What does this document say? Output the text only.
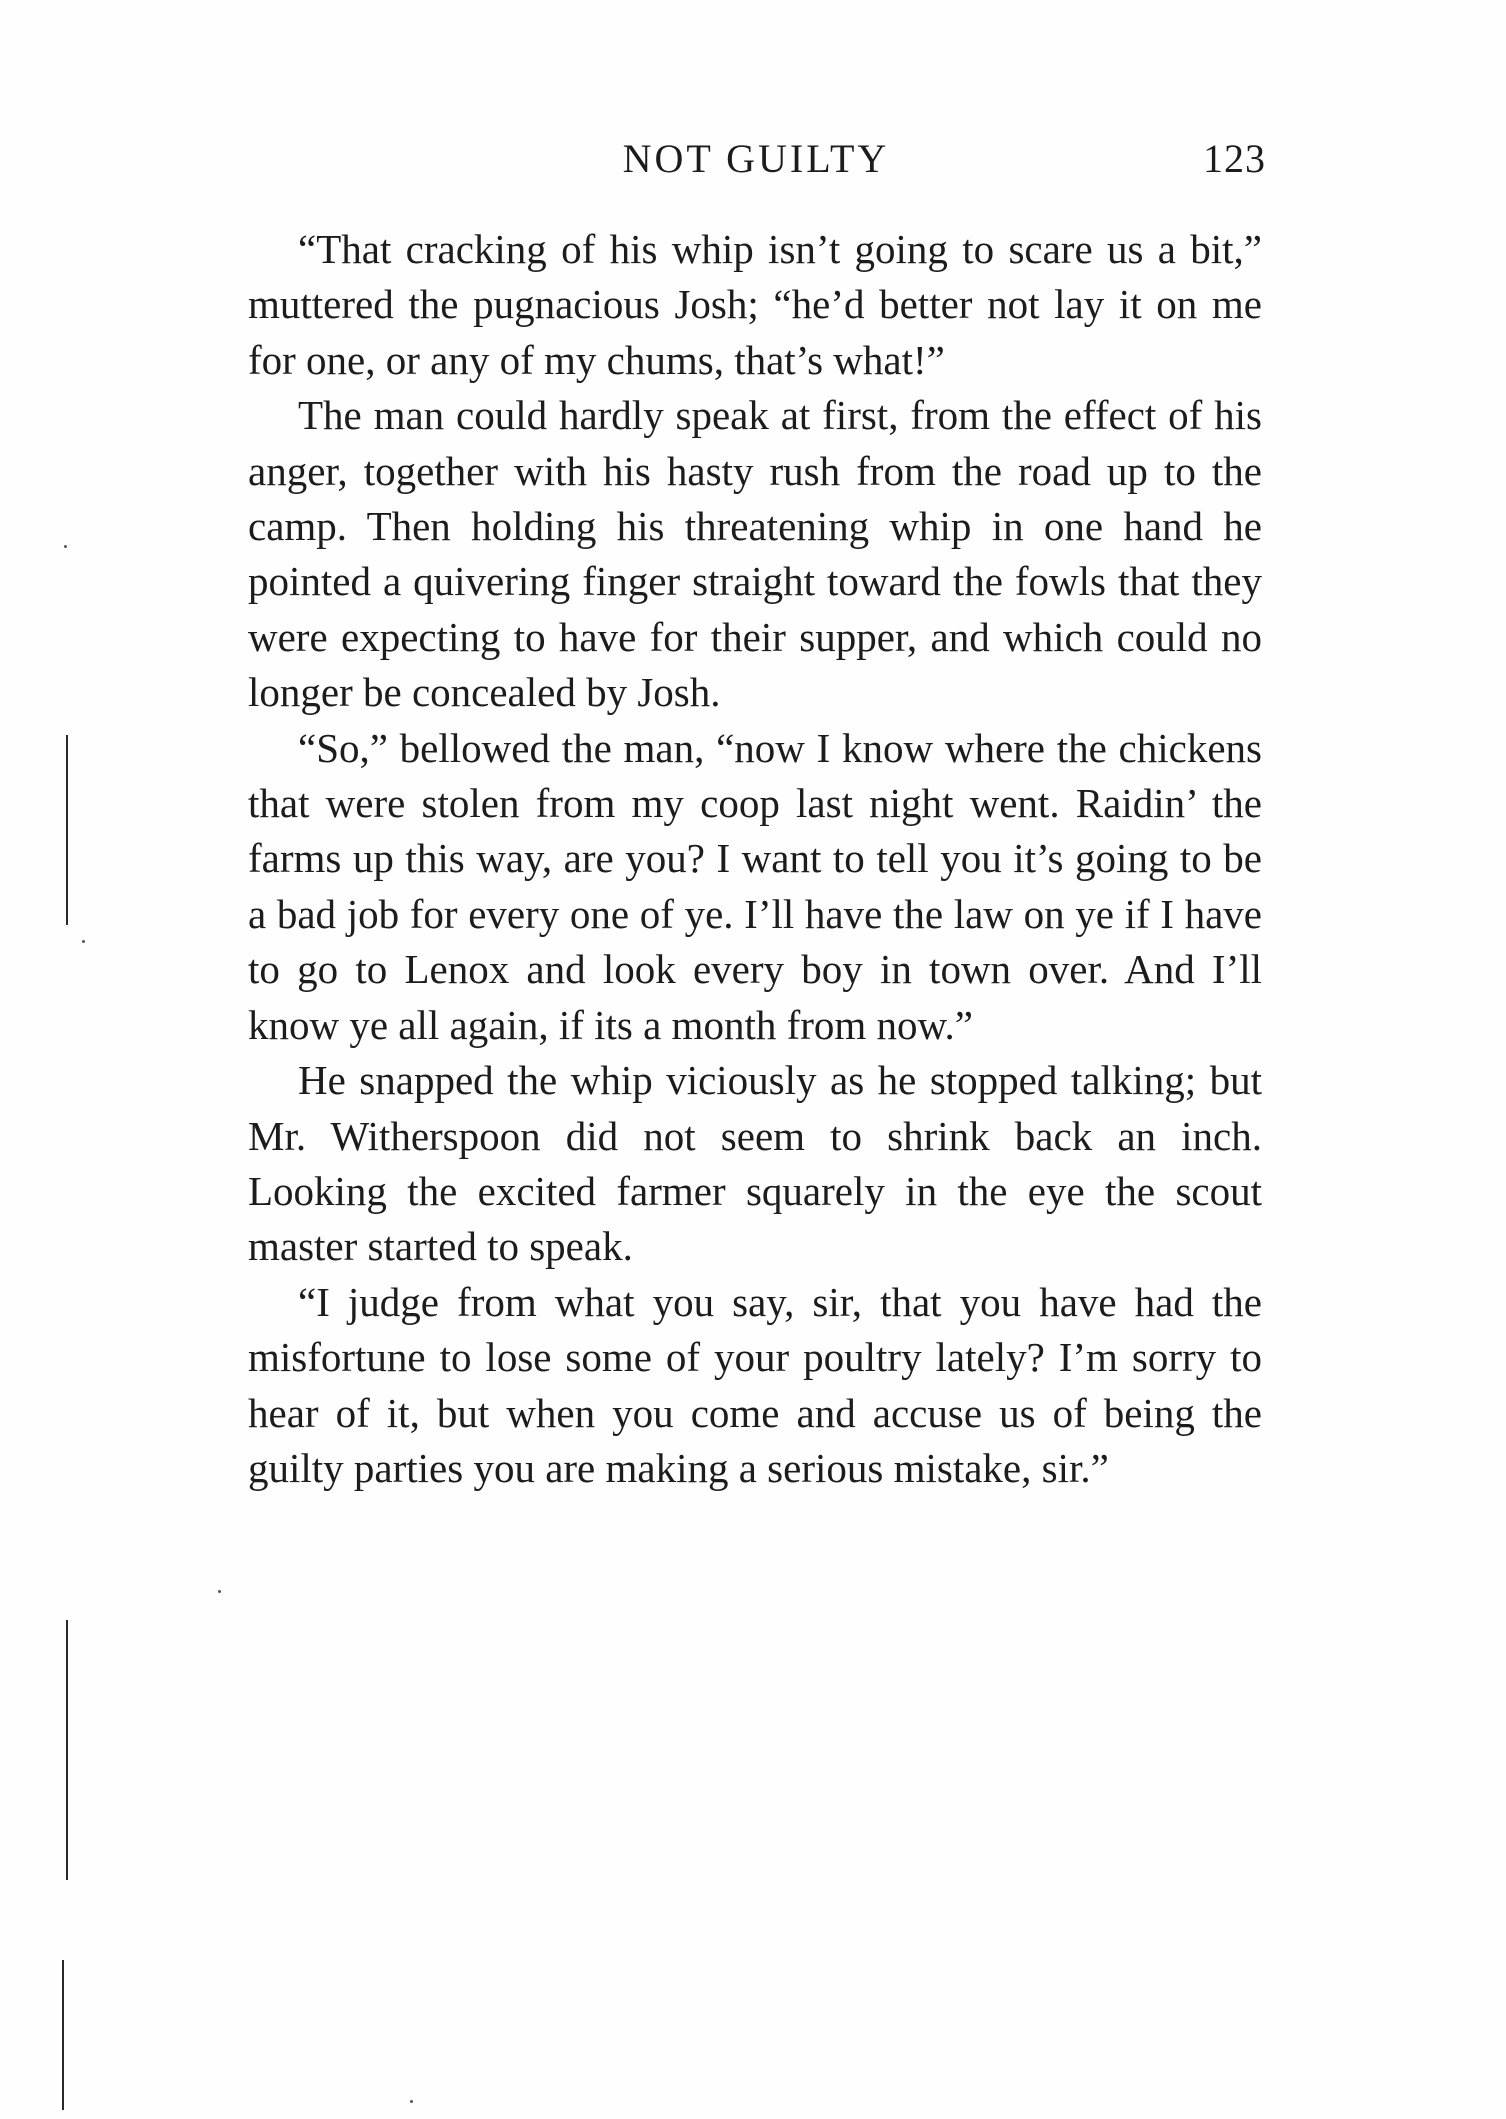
NOT GUILTY	123

“That cracking of his whip isn’t going to scare us a bit,” muttered the pugnacious Josh; “he’d better not lay it on me for one, or any of my chums, that’s what!”

The man could hardly speak at first, from the effect of his anger, together with his hasty rush from the road up to the camp. Then holding his threatening whip in one hand he pointed a quivering finger straight toward the fowls that they were expecting to have for their supper, and which could no longer be concealed by Josh.

“So,” bellowed the man, “now I know where the chickens that were stolen from my coop last night went. Raidin’ the farms up this way, are you? I want to tell you it’s going to be a bad job for every one of ye. I’ll have the law on ye if I have to go to Lenox and look every boy in town over. And I’ll know ye all again, if its a month from now.”

He snapped the whip viciously as he stopped talking; but Mr. Witherspoon did not seem to shrink back an inch. Looking the excited farmer squarely in the eye the scout master started to speak.

“I judge from what you say, sir, that you have had the misfortune to lose some of your poultry lately? I’m sorry to hear of it, but when you come and accuse us of being the guilty parties you are making a serious mistake, sir.”
